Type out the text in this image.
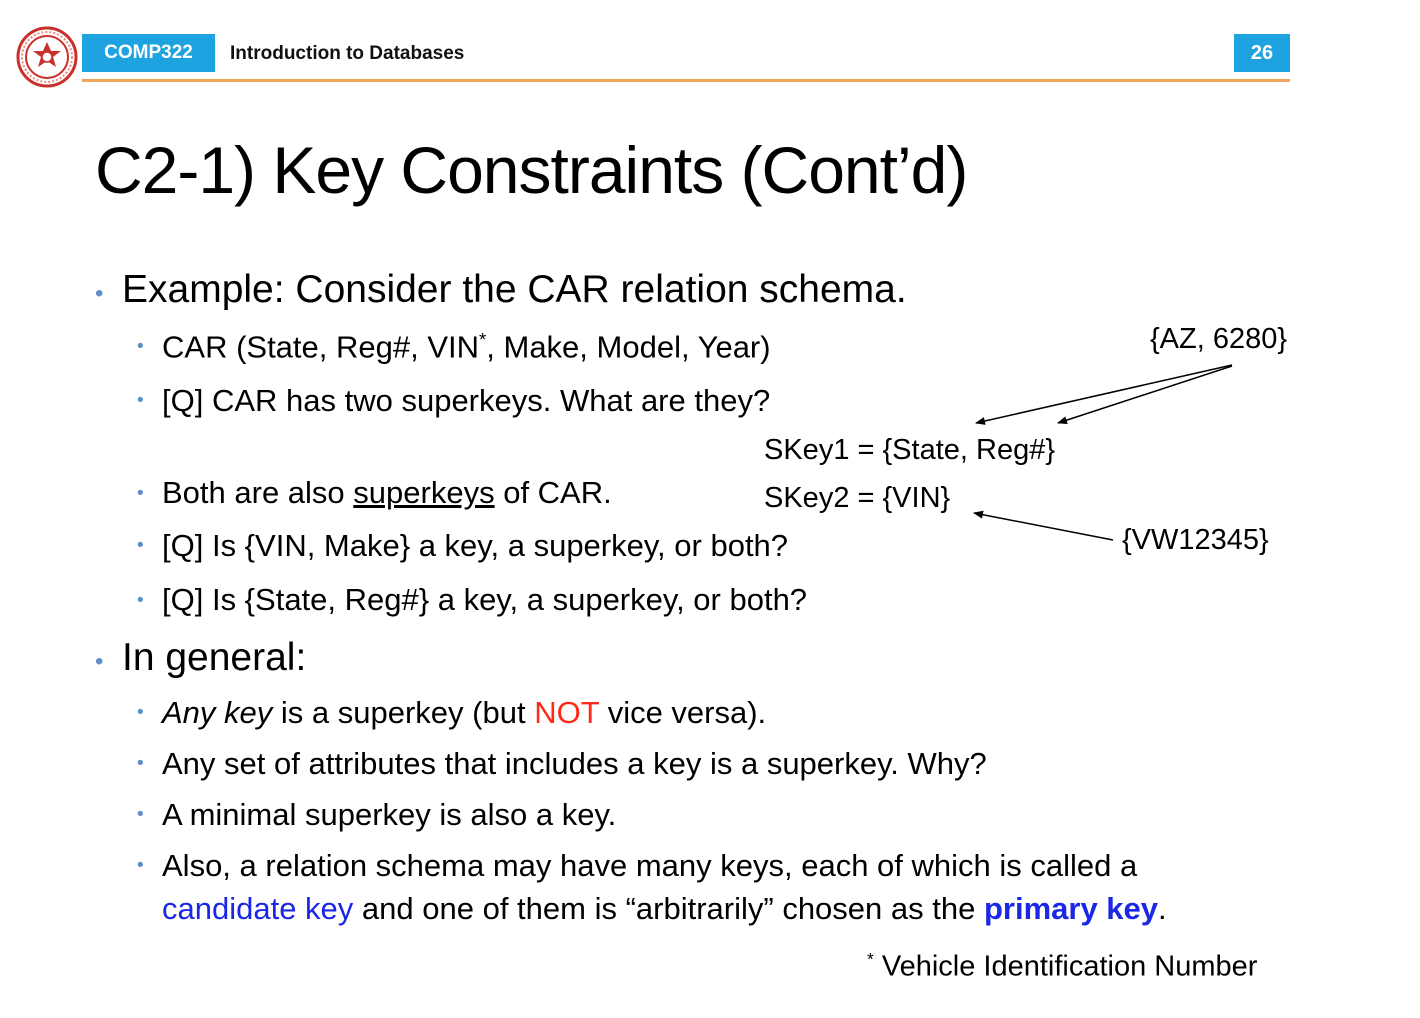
COMP322	Introduction to Databases	26
C2-1) Key Constraints (Cont’d)
• Example: Consider the CAR relation schema.
• CAR (State, Reg#, VIN*, Make, Model, Year)
• [Q] CAR has two superkeys. What are they?
• Both are also superkeys of CAR.
• [Q] Is {VIN, Make} a key, a superkey, or both?
• [Q] Is {State, Reg#} a key, a superkey, or both?
• In general:
• Any key is a superkey (but NOT vice versa).
• Any set of attributes that includes a key is a superkey. Why?
• A minimal superkey is also a key.
• Also, a relation schema may have many keys, each of which is called a
candidate key and one of them is “arbitrarily” chosen as the primary key.
SKey1 = {State, Reg#}
SKey2 = {VIN}
{AZ, 6280}
{VW12345}
* Vehicle Identification Number
